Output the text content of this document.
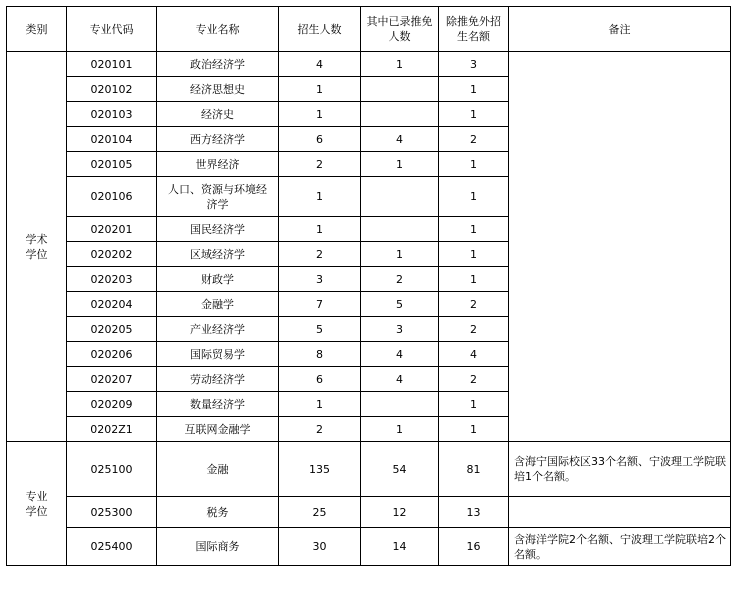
类别	专业代码	专业名称	招生人数	其中已录推免人数	除推免外招生名额	备注

学术学位	020101	政治经济学	4	1	3	
	020102	经济思想史	1		1	
	020103	经济史	1		1	
	020104	西方经济学	6	4	2	
	020105	世界经济	2	1	1	
	020106	人口、资源与环境经济学	1		1	
	020201	国民经济学	1		1	
	020202	区域经济学	2	1	1	
	020203	财政学	3	2	1	
	020204	金融学	7	5	2	
	020205	产业经济学	5	3	2	
	020206	国际贸易学	8	4	4	
	020207	劳动经济学	6	4	2	
	020209	数量经济学	1		1	
	0202Z1	互联网金融学	2	1	1	

专业学位	025100	金融	135	54	81	含海宁国际校区33个名额、宁波理工学院联培1个名额。
	025300	税务	25	12	13	
	025400	国际商务	30	14	16	含海洋学院2个名额、宁波理工学院联培2个名额。
